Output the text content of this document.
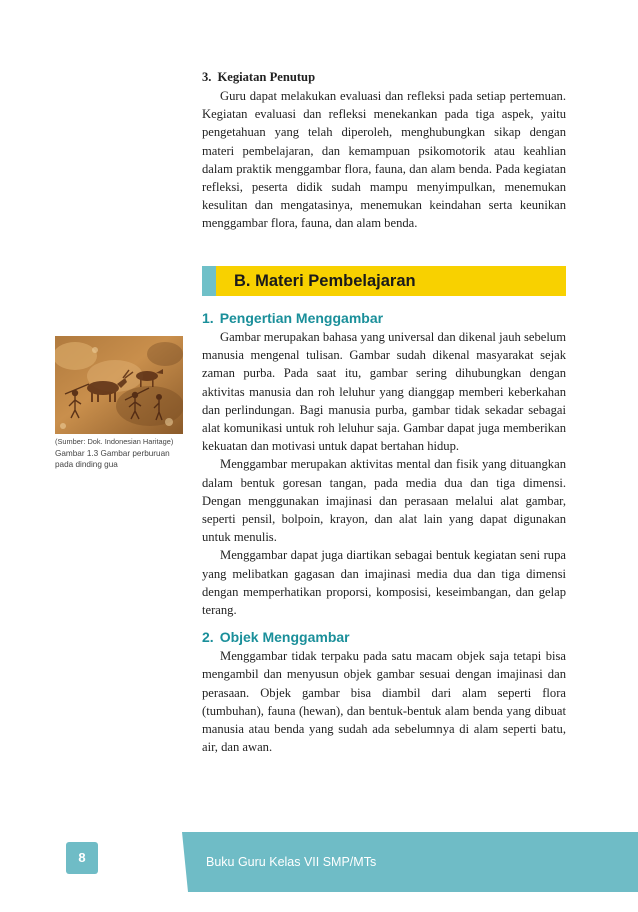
3. Kegiatan Penutup

Guru dapat melakukan evaluasi dan refleksi pada setiap pertemuan. Kegiatan evaluasi dan refleksi menekankan pada tiga aspek, yaitu pengetahuan yang telah diperoleh, menghubungkan sikap dengan materi pembelajaran, dan kemampuan psikomotorik atau keahlian dalam praktik menggambar flora, fauna, dan alam benda. Pada kegiatan refleksi, peserta didik sudah mampu menyimpulkan, menemukan kesulitan dan mengatasinya, menemukan keindahan serta keunikan menggambar flora, fauna, dan alam benda.

B. Materi Pembelajaran
1. Pengertian Menggambar

Gambar merupakan bahasa yang universal dan dikenal jauh sebelum manusia mengenal tulisan. Gambar sudah dikenal masyarakat sejak zaman purba. Pada saat itu, gambar sering dihubungkan dengan aktivitas manusia dan roh leluhur yang dianggap memberi keberkahan dan perlindungan. Bagi manusia purba, gambar tidak sekadar sebagai alat komunikasi untuk roh leluhur saja. Gambar dapat juga memberikan kekuatan dan motivasi untuk dapat bertahan hidup.

Menggambar merupakan aktivitas mental dan fisik yang dituangkan dalam bentuk goresan tangan, pada media dua dan tiga dimensi. Dengan menggunakan imajinasi dan perasaan melalui alat gambar, seperti pensil, bolpoin, krayon, dan alat lain yang dapat digunakan untuk menulis.

Menggambar dapat juga diartikan sebagai bentuk kegiatan seni rupa yang melibatkan gagasan dan imajinasi media dua dan tiga dimensi dengan memperhatikan proporsi, komposisi, keseimbangan, dan gelap terang.

2. Objek Menggambar

Menggambar tidak terpaku pada satu macam objek saja tetapi bisa mengambil dan menyusun objek gambar sesuai dengan imajinasi dan perasaan. Objek gambar bisa diambil dari alam seperti flora (tumbuhan), fauna (hewan), dan bentuk-bentuk alam benda yang dibuat manusia atau benda yang sudah ada sebelumnya di alam seperti batu, air, dan awan.

(Sumber: Dok. Indonesian Haritage)
Gambar 1.3 Gambar perburuan pada dinding gua
8	Buku Guru Kelas VII SMP/MTs
